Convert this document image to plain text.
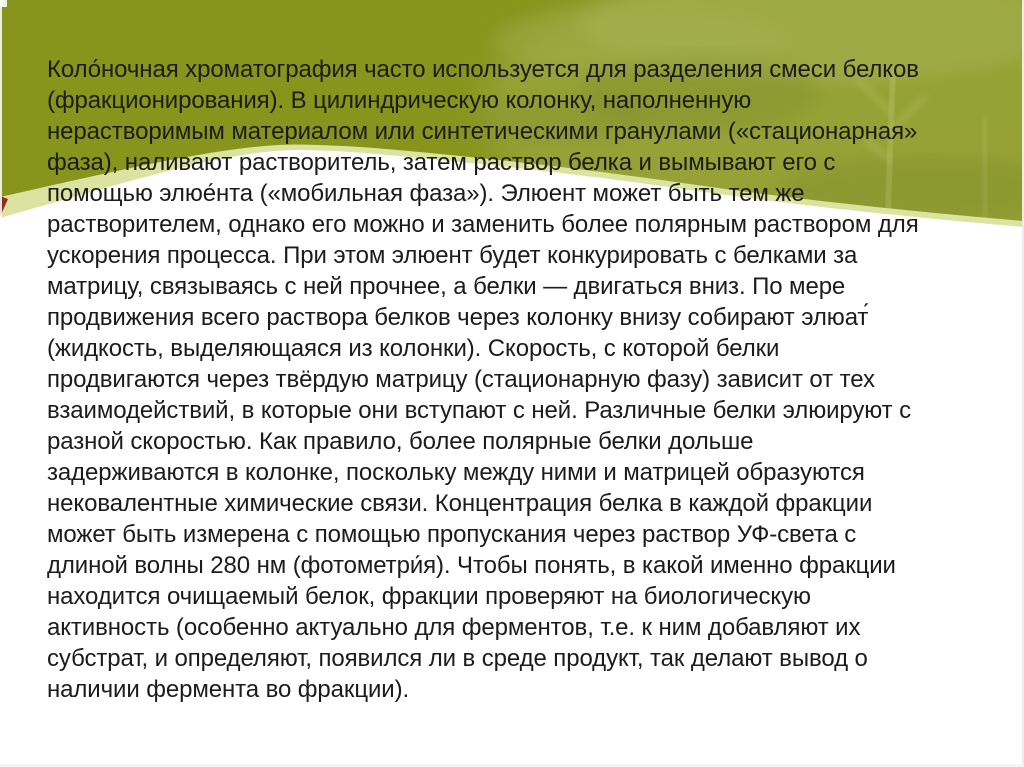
Коло́ночная хроматография часто используется для разделения смеси белков
(фракционирования). В цилиндрическую колонку, наполненную
нерастворимым материалом или синтетическими гранулами («стационарная»
фаза), наливают растворитель, затем раствор белка и вымывают его с
помощью элюе́нта («мобильная фаза»). Элюент может быть тем же
растворителем, однако его можно и заменить более полярным раствором для
ускорения процесса. При этом элюент будет конкурировать с белками за
матрицу, связываясь с ней прочнее, а белки — двигаться вниз. По мере
продвижения всего раствора белков через колонку внизу собирают элюат́
(жидкость, выделяющаяся из колонки). Скорость, с которой белки
продвигаются через твёрдую матрицу (стационарную фазу) зависит от тех
взаимодействий, в которые они вступают с ней. Различные белки элюируют с
разной скоростью. Как правило, более полярные белки дольше
задерживаются в колонке, поскольку между ними и матрицей образуются
нековалентные химические связи. Концентрация белка в каждой фракции
может быть измерена с помощью пропускания через раствор УФ-света с
длиной волны 280 нм (фотометри́я). Чтобы понять, в какой именно фракции
находится очищаемый белок, фракции проверяют на биологическую
активность (особенно актуально для ферментов, т.е. к ним добавляют их
субстрат, и определяют, появился ли в среде продукт, так делают вывод о
наличии фермента во фракции).
